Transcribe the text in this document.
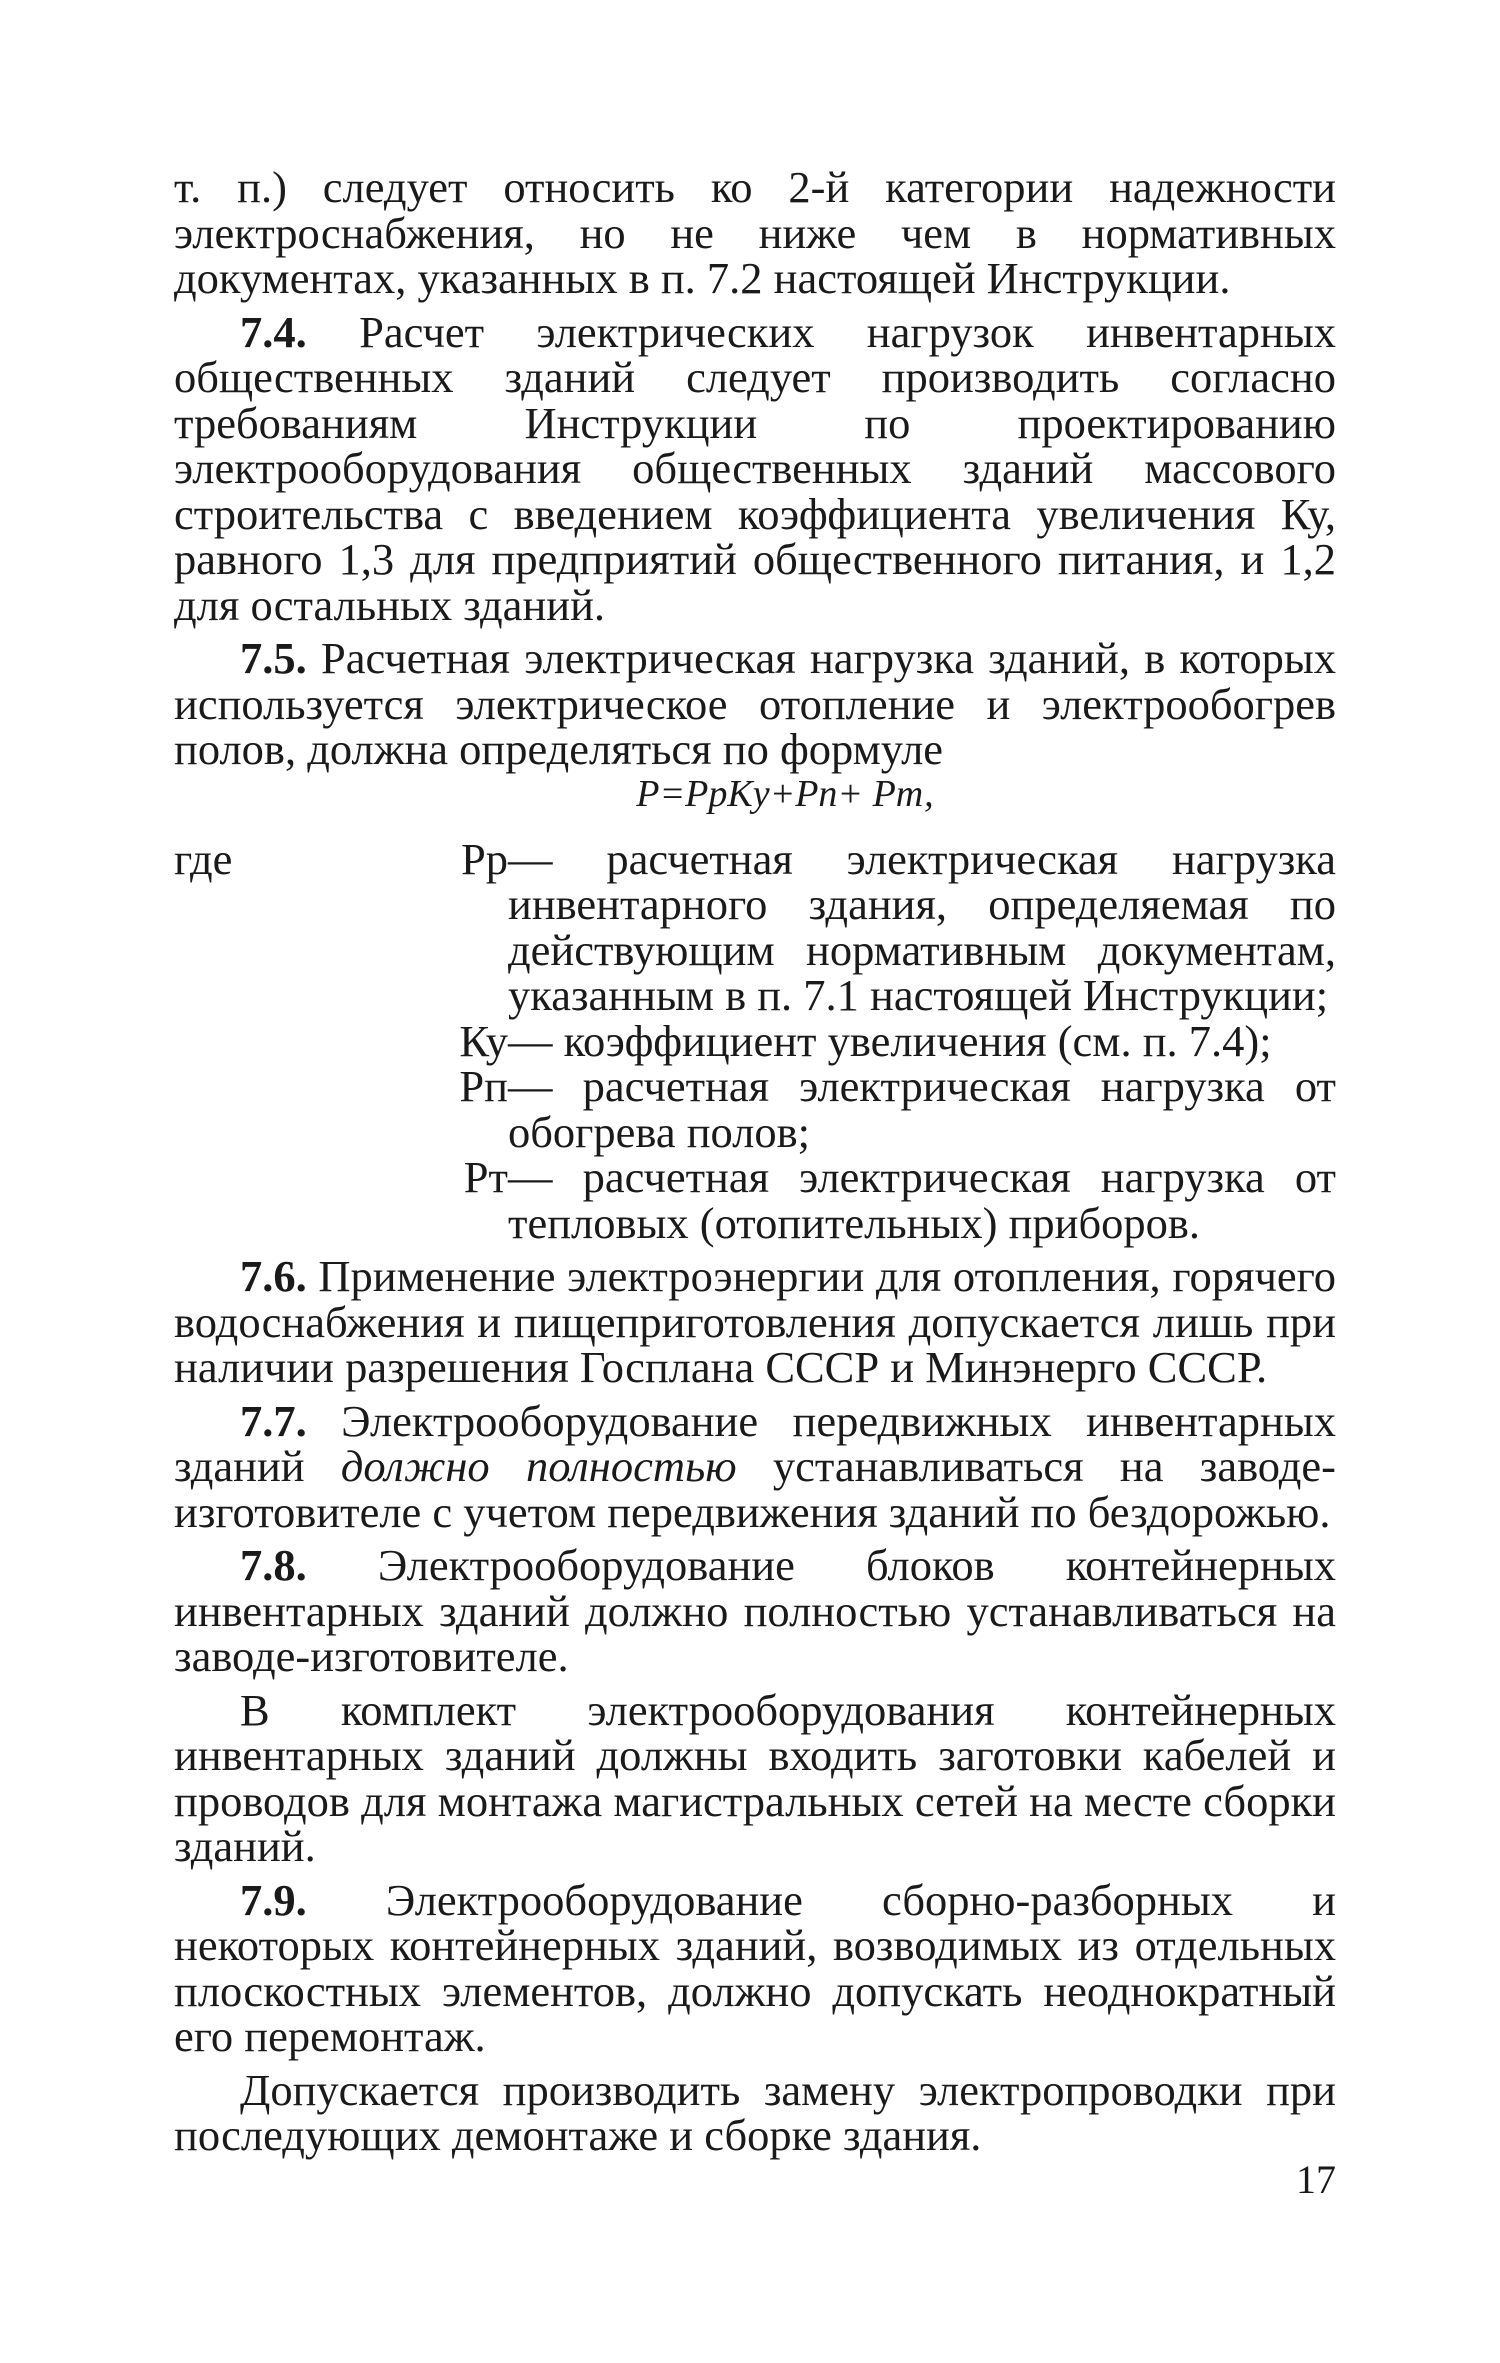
т. п.) следует относить ко 2-й категории надежности электроснабжения, но не ниже чем в нормативных документах, указанных в п. 7.2 настоящей Инструкции.

7.4. Расчет электрических нагрузок инвентарных общественных зданий следует производить согласно требованиям Инструкции по проектированию электрооборудования общественных зданий массового строительства с введением коэффициента увеличения Ку, равного 1,3 для предприятий общественного питания, и 1,2 для остальных зданий.

7.5. Расчетная электрическая нагрузка зданий, в которых используется электрическое отопление и электрообогрев полов, должна определяться по формуле

P=PрKу+Pп+ Pт,

где	Pр — расчетная электрическая нагрузка инвентарного здания, определяемая по действующим нормативным документам, указанным в п. 7.1 настоящей Инструкции;
Ку — коэффициент увеличения (см. п. 7.4);
Pп — расчетная электрическая нагрузка от обогрева полов;
Pт — расчетная электрическая нагрузка от тепловых (отопительных) приборов.

7.6. Применение электроэнергии для отопления, горячего водоснабжения и пищеприготовления допускается лишь при наличии разрешения Госплана СССР и Минэнерго СССР.

7.7. Электрооборудование передвижных инвентарных зданий должно полностью устанавливаться на заводе-изготовителе с учетом передвижения зданий по бездорожью.

7.8. Электрооборудование блоков контейнерных инвентарных зданий должно полностью устанавливаться на заводе-изготовителе.

В комплект электрооборудования контейнерных инвентарных зданий должны входить заготовки кабелей и проводов для монтажа магистральных сетей на месте сборки зданий.

7.9. Электрооборудование сборно-разборных и некоторых контейнерных зданий, возводимых из отдельных плоскостных элементов, должно допускать неоднократный его перемонтаж.

Допускается производить замену электропроводки при последующих демонтаже и сборке здания.

17
